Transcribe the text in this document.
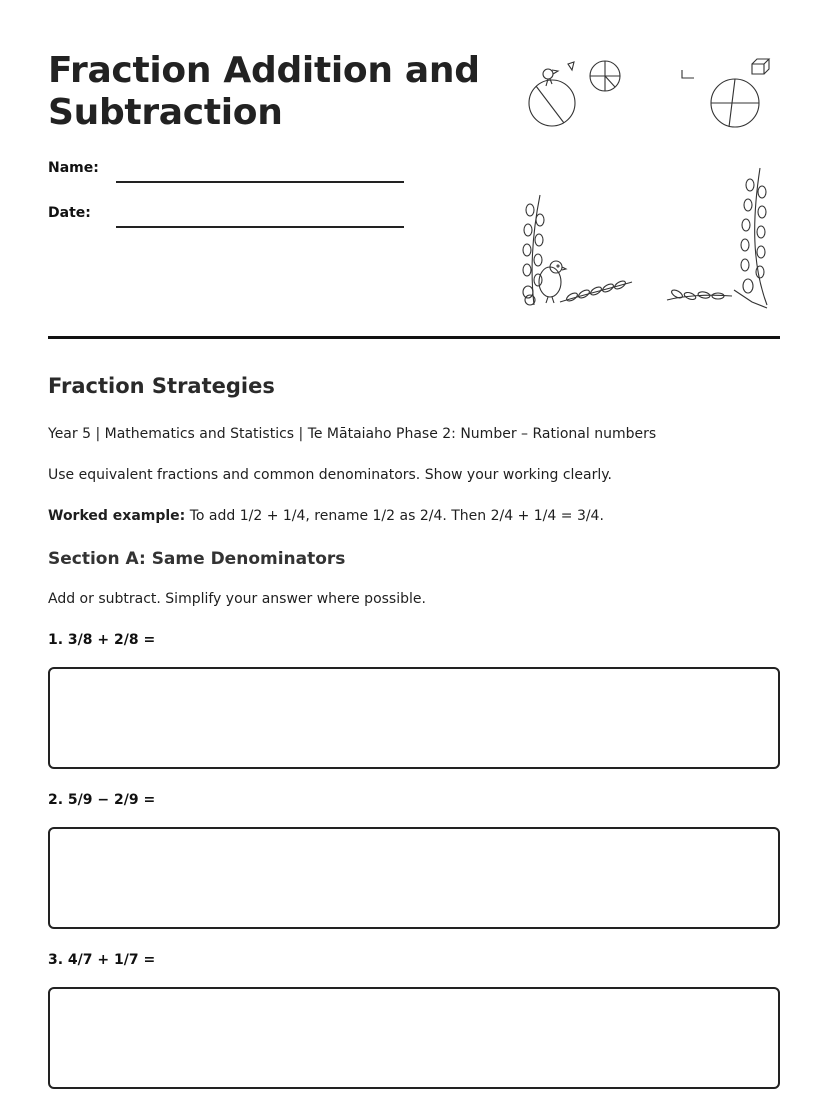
Fraction Addition and
Subtraction
Name:
Date:
Fraction Strategies

Year 5 | Mathematics and Statistics | Te Mātaiaho Phase 2: Number – Rational numbers

Use equivalent fractions and common denominators. Show your working clearly.

Worked example: To add 1/2 + 1/4, rename 1/2 as 2/4. Then 2/4 + 1/4 = 3/4.

Section A: Same Denominators

Add or subtract. Simplify your answer where possible.

1. 3/8 + 2/8 =
2. 5/9 − 2/9 =
3. 4/7 + 1/7 =
